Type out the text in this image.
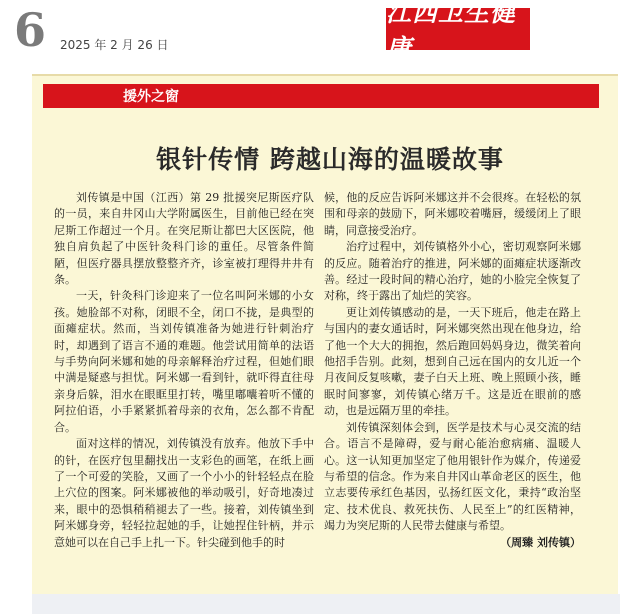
6 2025 年 2 月 26 日
江西卫生健康
援外之窗
银针传情 跨越山海的温暖故事

刘传镇是中国（江西）第 29 批援突尼斯医疗队的一员，来自井冈山大学附属医生，目前他已经在突尼斯工作超过一个月。在突尼斯让都巴大区医院，他独自肩负起了中医针灸科门诊的重任。尽管条件简陋，但医疗器具摆放整整齐齐，诊室被打理得井井有条。

一天，针灸科门诊迎来了一位名叫阿米娜的小女孩。她脸部不对称，闭眼不全，闭口不拢，是典型的面瘫症状。然而，当刘传镇准备为她进行针刺治疗时，却遇到了语言不通的难题。他尝试用简单的法语与手势向阿米娜和她的母亲解释治疗过程，但她们眼中满是疑惑与担忧。阿米娜一看到针，就吓得直往母亲身后躲，泪水在眼眶里打转，嘴里嘟囔着听不懂的阿拉伯语，小手紧紧抓着母亲的衣角，怎么都不肯配合。

面对这样的情况，刘传镇没有放弃。他放下手中的针，在医疗包里翻找出一支彩色的画笔，在纸上画了一个可爱的笑脸，又画了一个小小的针轻轻点在脸上穴位的图案。阿米娜被他的举动吸引，好奇地凑过来，眼中的恐惧稍稍褪去了一些。接着，刘传镇坐到阿米娜身旁，轻轻拉起她的手，让她捏住针柄，并示意她可以在自己手上扎一下。针尖碰到他手的时

候，他的反应告诉阿米娜这并不会很疼。在轻松的氛围和母亲的鼓励下，阿米娜咬着嘴唇，缓缓闭上了眼睛，同意接受治疗。

治疗过程中，刘传镇格外小心，密切观察阿米娜的反应。随着治疗的推进，阿米娜的面瘫症状逐渐改善。经过一段时间的精心治疗，她的小脸完全恢复了对称，终于露出了灿烂的笑容。

更让刘传镇感动的是，一天下班后，他走在路上与国内的妻女通话时，阿米娜突然出现在他身边，给了他一个大大的拥抱，然后跑回妈妈身边，微笑着向他招手告别。此刻，想到自己远在国内的女儿近一个月夜间反复咳嗽，妻子白天上班、晚上照顾小孩，睡眠时间寥寥，刘传镇心绪万千。这是近在眼前的感动，也是远隔万里的牵挂。

刘传镇深刻体会到，医学是技术与心灵交流的结合。语言不是障碍，爱与耐心能治愈病痛、温暖人心。这一认知更加坚定了他用银针作为媒介，传递爱与希望的信念。作为来自井冈山革命老区的医生，他立志要传承红色基因，弘扬红医文化，秉持“政治坚定、技术优良、救死扶伤、人民至上”的红医精神，竭力为突尼斯的人民带去健康与希望。

（周臻 刘传镇）
